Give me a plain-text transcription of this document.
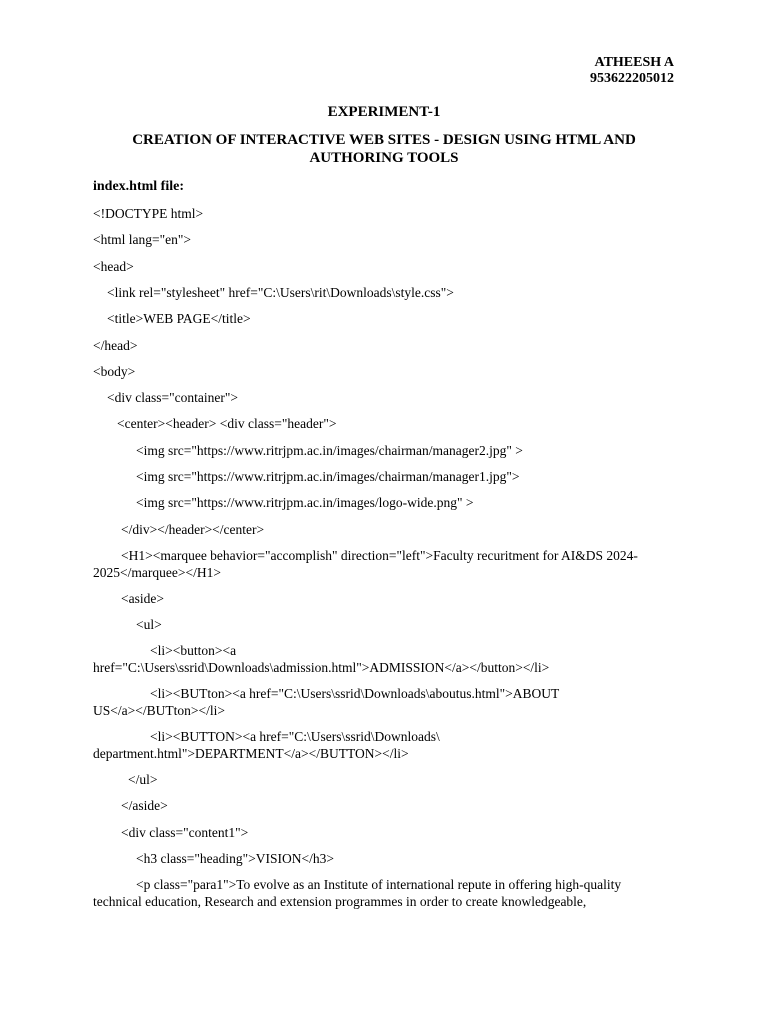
ATHEESH A
953622205012
EXPERIMENT-1
CREATION OF INTERACTIVE WEB SITES - DESIGN USING HTML AND AUTHORING TOOLS
index.html file:
<!DOCTYPE html>
<html lang="en">
<head>
<link rel="stylesheet" href="C:\Users\rit\Downloads\style.css">
<title>WEB PAGE</title>
</head>
<body>
<div class="container">
<center><header> <div class="header">
<img src="https://www.ritrjpm.ac.in/images/chairman/manager2.jpg" >
<img src="https://www.ritrjpm.ac.in/images/chairman/manager1.jpg">
<img src="https://www.ritrjpm.ac.in/images/logo-wide.png" >
</div></header></center>
<H1><marquee behavior="accomplish" direction="left">Faculty recuritment for AI&DS 2024-
2025</marquee></H1>
<aside>
<ul>
<li><button><a
href="C:\Users\ssrid\Downloads\admission.html">ADMISSION</a></button></li>
<li><BUTton><a href="C:\Users\ssrid\Downloads\aboutus.html">ABOUT
US</a></BUTton></li>
<li><BUTTON><a href="C:\Users\ssrid\Downloads\
department.html">DEPARTMENT</a></BUTTON></li>
</ul>
</aside>
<div class="content1">
<h3 class="heading">VISION</h3>
<p class="para1">To evolve as an Institute of international repute in offering high-quality
technical education, Research and extension programmes in order to create knowledgeable,
